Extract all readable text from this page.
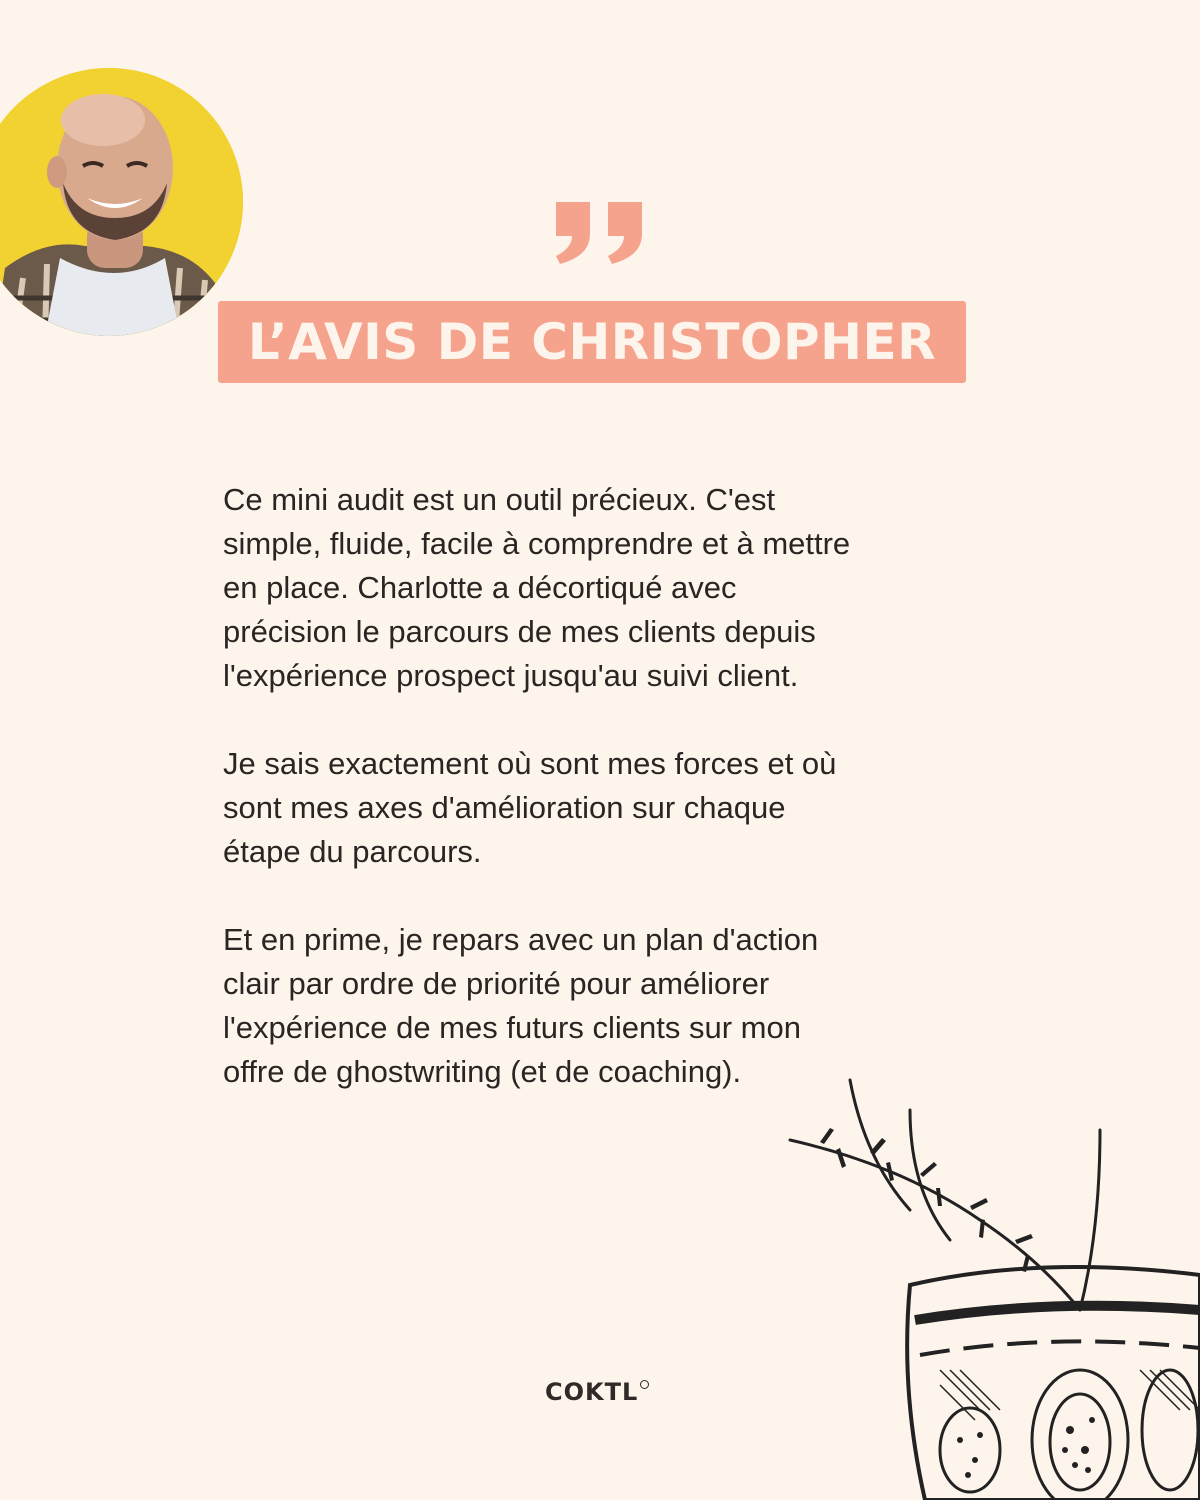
L’AVIS DE CHRISTOPHER

Ce mini audit est un outil précieux. C'est
simple, fluide, facile à comprendre et à mettre
en place. Charlotte a décortiqué avec
précision le parcours de mes clients depuis
l'expérience prospect jusqu'au suivi client.

Je sais exactement où sont mes forces et où
sont mes axes d'amélioration sur chaque
étape du parcours.

Et en prime, je repars avec un plan d'action
clair par ordre de priorité pour améliorer
l'expérience de mes futurs clients sur mon
offre de ghostwriting (et de coaching).

COKTL
